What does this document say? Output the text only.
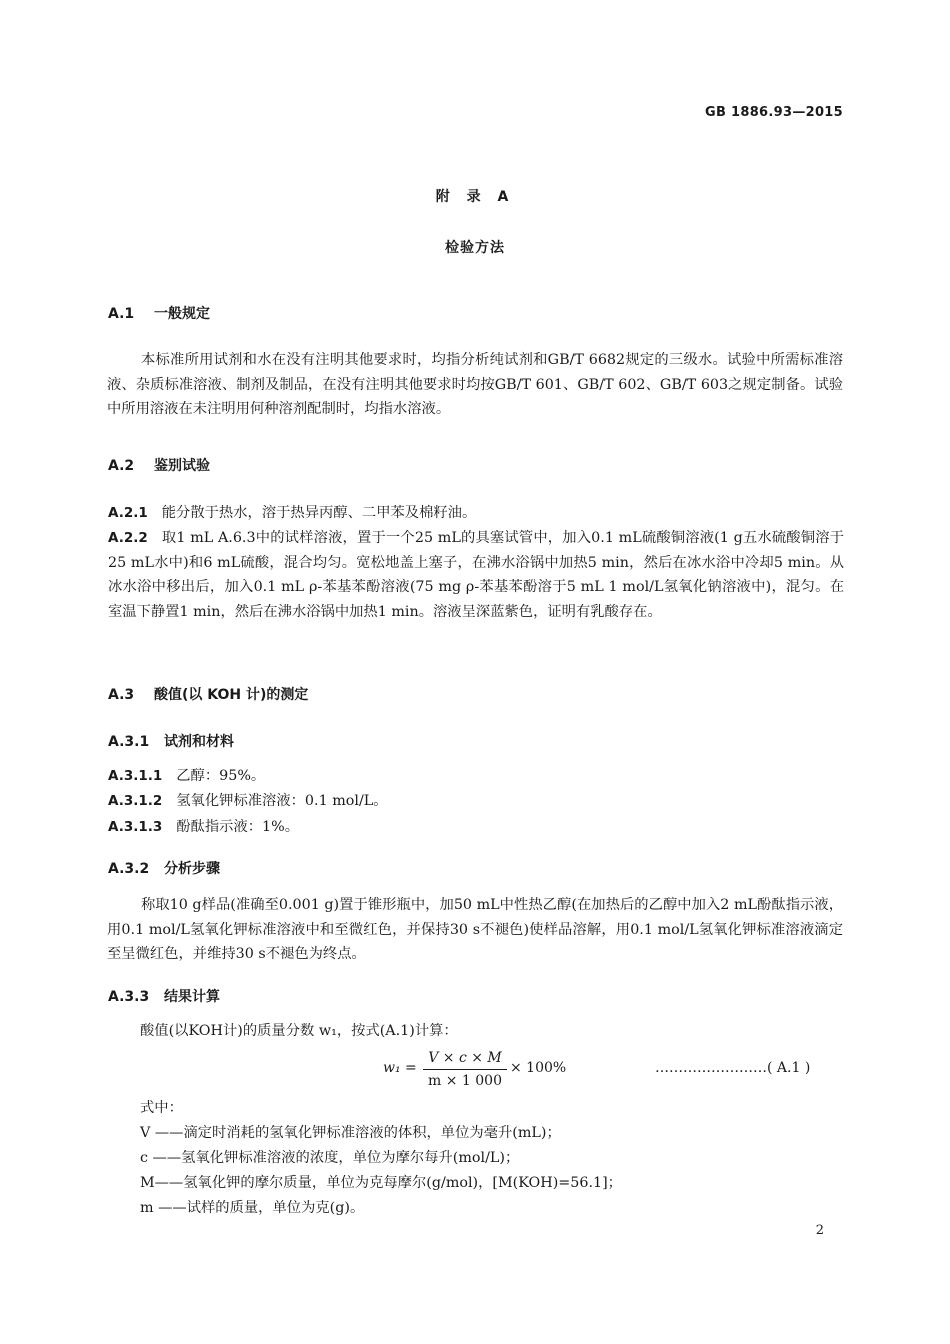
GB 1886.93—2015
附 录 A
检验方法
A.1 一般规定
本标准所用试剂和水在没有注明其他要求时，均指分析纯试剂和GB/T 6682规定的三级水。试验中所需标准溶液、杂质标准溶液、制剂及制品，在没有注明其他要求时均按GB/T 601、GB/T 602、GB/T 603之规定制备。试验中所用溶液在未注明用何种溶剂配制时，均指水溶液。
A.2 鉴别试验
A.2.1 能分散于热水，溶于热异丙醇、二甲苯及棉籽油。
A.2.2 取1 mL A.6.3中的试样溶液，置于一个25 mL的具塞试管中，加入0.1 mL硫酸铜溶液(1 g五水硫酸铜溶于25 mL水中)和6 mL硫酸，混合均匀。宽松地盖上塞子，在沸水浴锅中加热5 min，然后在冰水浴中冷却5 min。从冰水浴中移出后，加入0.1 mL ρ-苯基苯酚溶液(75 mg ρ-苯基苯酚溶于5 mL 1 mol/L氢氧化钠溶液中)，混匀。在室温下静置1 min，然后在沸水浴锅中加热1 min。溶液呈深蓝紫色，证明有乳酸存在。
A.3 酸值(以 KOH 计)的测定
A.3.1 试剂和材料
A.3.1.1 乙醇：95%。
A.3.1.2 氢氧化钾标准溶液：0.1 mol/L。
A.3.1.3 酚酞指示液：1%。
A.3.2 分析步骤
称取10 g样品(准确至0.001 g)置于锥形瓶中，加50 mL中性热乙醇(在加热后的乙醇中加入2 mL酚酞指示液，用0.1 mol/L氢氧化钾标准溶液中和至微红色，并保持30 s不褪色)使样品溶解，用0.1 mol/L氢氧化钾标准溶液滴定至呈微红色，并维持30 s不褪色为终点。
A.3.3 结果计算
酸值(以KOH计)的质量分数 w₁，按式(A.1)计算：
w₁ =
V × c × M
m × 1 000
× 100%	……………………( A.1 )
式中：
V ——滴定时消耗的氢氧化钾标准溶液的体积，单位为毫升(mL)；
c ——氢氧化钾标准溶液的浓度，单位为摩尔每升(mol/L)；
M——氢氧化钾的摩尔质量，单位为克每摩尔(g/mol)，[M(KOH)=56.1]；
m ——试样的质量，单位为克(g)。
2
